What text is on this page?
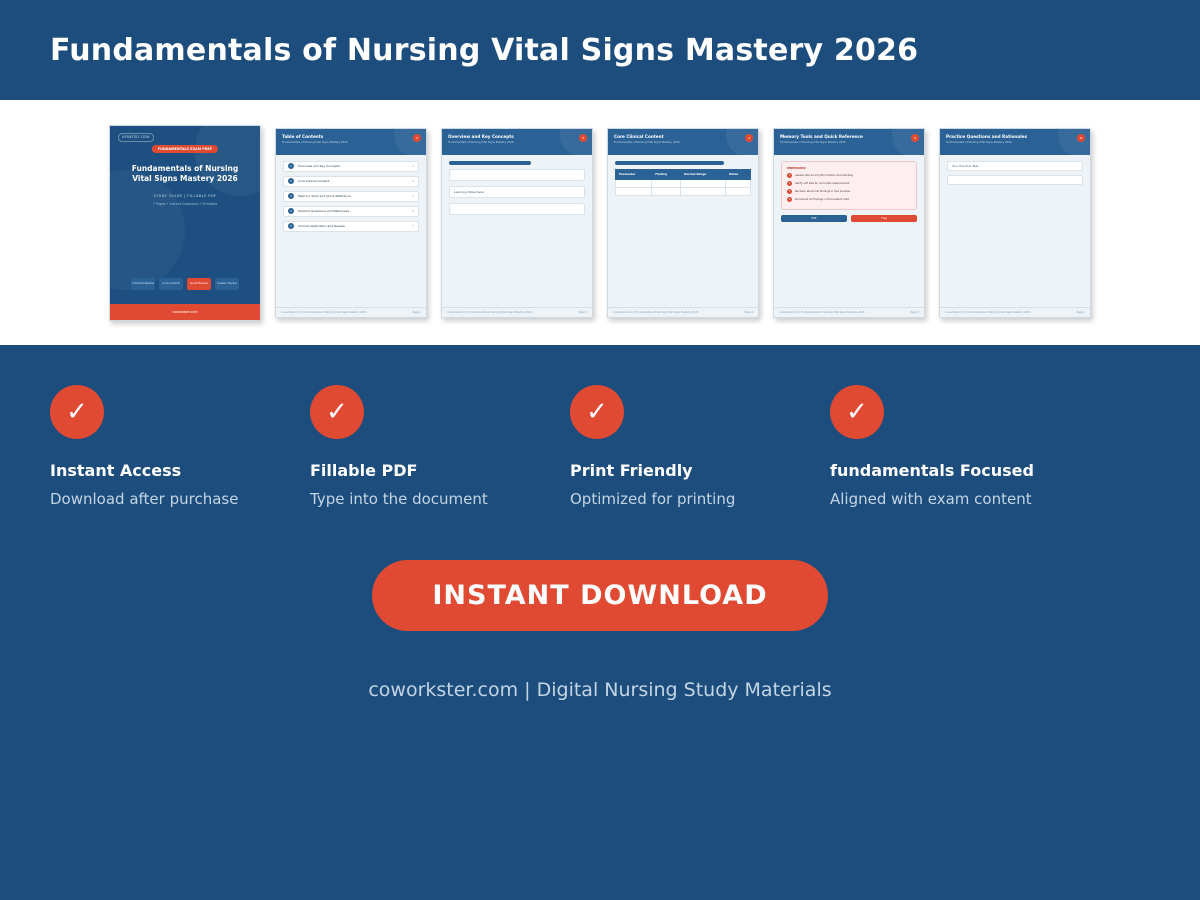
Fundamentals of Nursing Vital Signs Mastery 2026
UPDATED 2026
FUNDAMENTALS EXAM PREP
Fundamentals of Nursing
Vital Signs Mastery 2026
STUDY GUIDE | FILLABLE PDF
7 Pages • Instant Download • Printable
Contents Review	Core Content	Quick Review	Answer Tracker
coworkster.com
Table of Contents
Fundamentals of Nursing Vital Signs Mastery 2026
2
1	Overview and Key Concepts	3
2	Core Clinical Content	4
3	Memory Tools and Quick Reference	5
4	Practice Questions and Rationales	6
5	Clinical Application and Review	7
coworkster.com | Fundamentals of Nursing Vital Signs Mastery 2026	Page 2
Overview and Key Concepts
Fundamentals of Nursing Vital Signs Mastery 2026
3
Learning Objectives
coworkster.com | Fundamentals of Nursing Vital Signs Mastery 2026	Page 3
Core Clinical Content
Fundamentals of Nursing Vital Signs Mastery 2026
4
Parameter	Finding	Normal Range	Notes

coworkster.com | Fundamentals of Nursing Vital Signs Mastery 2026	Page 4
Memory Tools and Quick Reference
Fundamentals of Nursing Vital Signs Mastery 2026
5
MNEMONIC
1	Assess rate and rhythm before documenting
2	Verify cuff size for accurate measurement
3	Recheck abnormal findings in five minutes
4	Document all findings in the patient chart
Edit	Flag
coworkster.com | Fundamentals of Nursing Vital Signs Mastery 2026	Page 5
Practice Questions and Rationales
Fundamentals of Nursing Vital Signs Mastery 2026
6
Your Practice Test
coworkster.com | Fundamentals of Nursing Vital Signs Mastery 2026	Page 6
✓
Instant Access
Download after purchase
✓
Fillable PDF
Type into the document
✓
Print Friendly
Optimized for printing
✓
fundamentals Focused
Aligned with exam content
INSTANT DOWNLOAD
coworkster.com | Digital Nursing Study Materials
